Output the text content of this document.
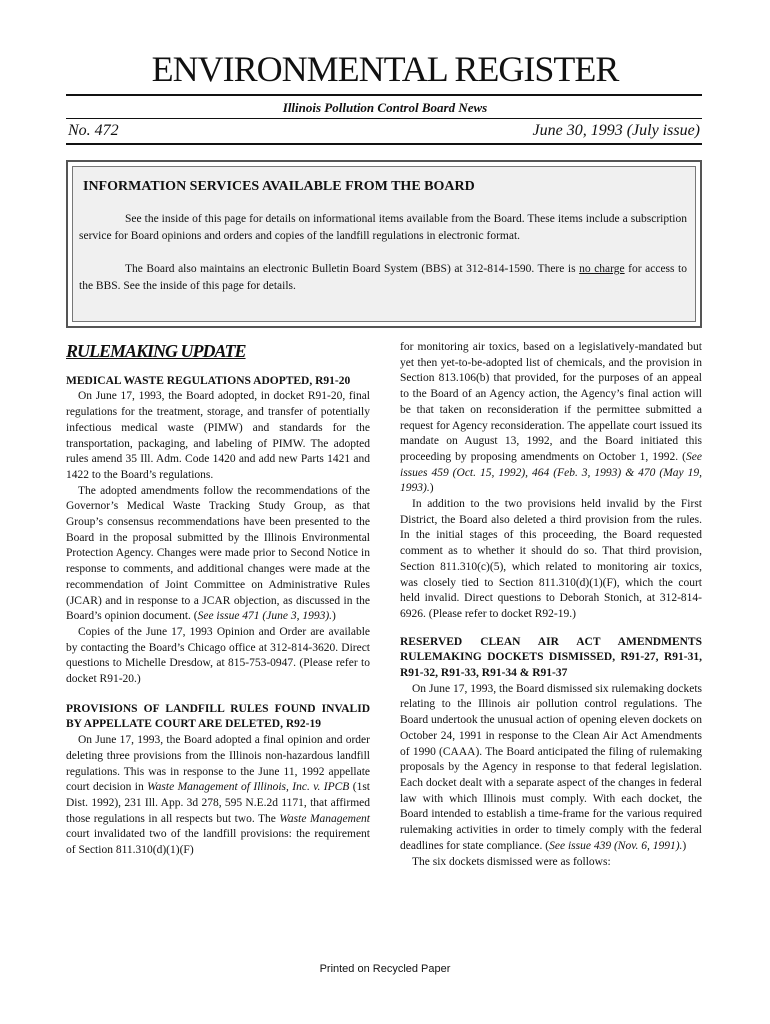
ENVIRONMENTAL REGISTER
Illinois Pollution Control Board News
No. 472	June 30, 1993 (July issue)
INFORMATION SERVICES AVAILABLE FROM THE BOARD

See the inside of this page for details on informational items available from the Board. These items include a subscription service for Board opinions and orders and copies of the landfill regulations in electronic format.

The Board also maintains an electronic Bulletin Board System (BBS) at 312-814-1590. There is no charge for access to the BBS. See the inside of this page for details.

RULEMAKING UPDATE

MEDICAL WASTE REGULATIONS ADOPTED, R91-20

On June 17, 1993, the Board adopted, in docket R91-20, final regulations for the treatment, storage, and transfer of potentially infectious medical waste (PIMW) and standards for the transportation, packaging, and labeling of PIMW. The adopted rules amend 35 Ill. Adm. Code 1420 and add new Parts 1421 and 1422 to the Board’s regulations.

The adopted amendments follow the recommendations of the Governor’s Medical Waste Tracking Study Group, as that Group’s consensus recommendations have been presented to the Board in the proposal submitted by the Illinois Environmental Protection Agency. Changes were made prior to Second Notice in response to comments, and additional changes were made at the recommendation of Joint Committee on Administrative Rules (JCAR) and in response to a JCAR objection, as discussed in the Board’s opinion document. (See issue 471 (June 3, 1993).)

Copies of the June 17, 1993 Opinion and Order are available by contacting the Board’s Chicago office at 312-814-3620. Direct questions to Michelle Dresdow, at 815-753-0947. (Please refer to docket R91-20.)

PROVISIONS OF LANDFILL RULES FOUND INVALID BY APPELLATE COURT ARE DELETED, R92-19

On June 17, 1993, the Board adopted a final opinion and order deleting three provisions from the Illinois non-hazardous landfill regulations. This was in response to the June 11, 1992 appellate court decision in Waste Management of Illinois, Inc. v. IPCB (1st Dist. 1992), 231 Ill. App. 3d 278, 595 N.E.2d 1171, that affirmed those regulations in all respects but two. The Waste Management court invalidated two of the landfill provisions: the requirement of Section 811.310(d)(1)(F)

for monitoring air toxics, based on a legislatively-mandated but yet then yet-to-be-adopted list of chemicals, and the provision in Section 813.106(b) that provided, for the purposes of an appeal to the Board of an Agency action, the Agency’s final action will be that taken on reconsideration if the permittee submitted a request for Agency reconsideration. The appellate court issued its mandate on August 13, 1992, and the Board initiated this proceeding by proposing amendments on October 1, 1992. (See issues 459 (Oct. 15, 1992), 464 (Feb. 3, 1993) & 470 (May 19, 1993).)

In addition to the two provisions held invalid by the First District, the Board also deleted a third provision from the rules. In the initial stages of this proceeding, the Board requested comment as to whether it should do so. That third provision, Section 811.310(c)(5), which related to monitoring air toxics, was closely tied to Section 811.310(d)(1)(F), which the court held invalid. Direct questions to Deborah Stonich, at 312-814- 6926. (Please refer to docket R92-19.)

RESERVED CLEAN AIR ACT AMENDMENTS RULEMAKING DOCKETS DISMISSED, R91-27, R91-31, R91-32, R91-33, R91-34 & R91-37

On June 17, 1993, the Board dismissed six rulemaking dockets relating to the Illinois air pollution control regulations. The Board undertook the unusual action of opening eleven dockets on October 24, 1991 in response to the Clean Air Act Amendments of 1990 (CAAA). The Board anticipated the filing of rulemaking proposals by the Agency in response to that federal legislation. Each docket dealt with a separate aspect of the changes in federal law with which Illinois must comply. With each docket, the Board intended to establish a time-frame for the various required rulemaking activities in order to timely comply with the federal deadlines for state compliance. (See issue 439 (Nov. 6, 1991).)

The six dockets dismissed were as follows:

Printed on Recycled Paper
